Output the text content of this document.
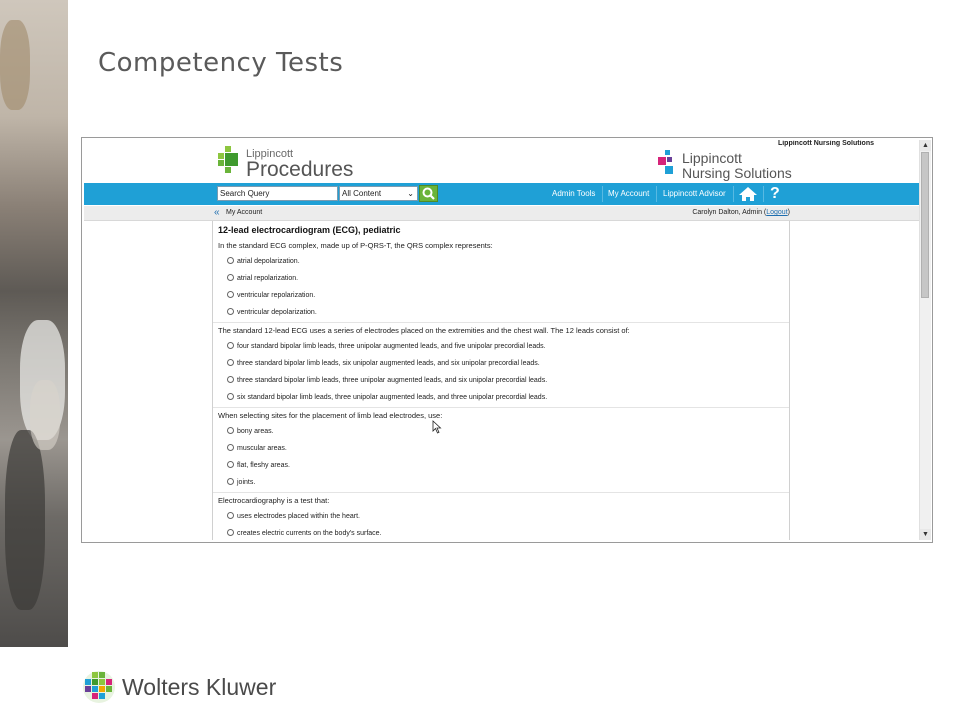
Competency Tests
Lippincott
Procedures
Lippincott Nursing Solutions
Lippincott
Nursing Solutions
Search Query	All Content	⌄	Admin Tools My Account Lippincott Advisor	?
« My Account	Carolyn Dalton, Admin (Logout)
12-lead electrocardiogram (ECG), pediatric
In the standard ECG complex, made up of P-QRS-T, the QRS complex represents:
atrial depolarization.
atrial repolarization.
ventricular repolarization.
ventricular depolarization.
The standard 12-lead ECG uses a series of electrodes placed on the extremities and the chest wall. The 12 leads consist of:
four standard bipolar limb leads, three unipolar augmented leads, and five unipolar precordial leads.
three standard bipolar limb leads, six unipolar augmented leads, and six unipolar precordial leads.
three standard bipolar limb leads, three unipolar augmented leads, and six unipolar precordial leads.
six standard bipolar limb leads, three unipolar augmented leads, and three unipolar precordial leads.
When selecting sites for the placement of limb lead electrodes, use:
bony areas.
muscular areas.
flat, fleshy areas.
joints.
Electrocardiography is a test that:
uses electrodes placed within the heart.
creates electric currents on the body's surface.
▲
▼
Wolters Kluwer
